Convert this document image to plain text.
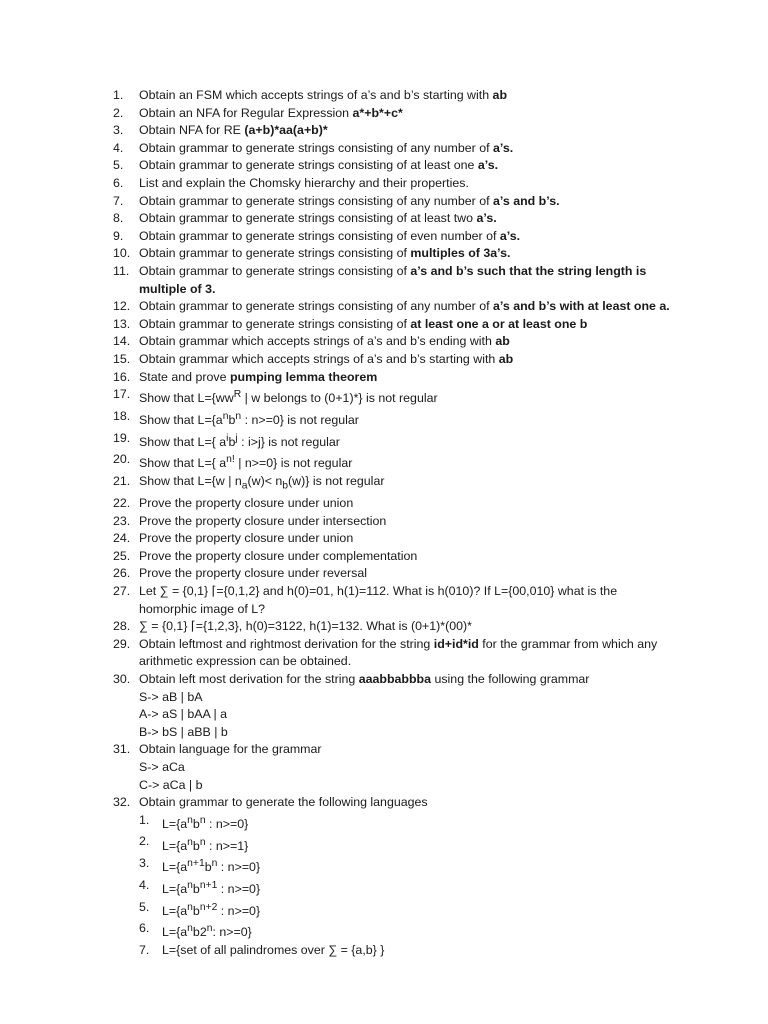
1.	Obtain an FSM which accepts strings of a’s and b’s starting with ab
2.	Obtain an NFA for Regular Expression a*+b*+c*
3.	Obtain NFA for RE (a+b)*aa(a+b)*
4.	Obtain grammar to generate strings consisting of any number of a’s.
5.	Obtain grammar to generate strings consisting of at least one a’s.
6.	List and explain the Chomsky hierarchy and their properties.
7.	Obtain grammar to generate strings consisting of any number of a’s and b’s.
8.	Obtain grammar to generate strings consisting of at least two a’s.
9.	Obtain grammar to generate strings consisting of even number of a’s.
10. Obtain grammar to generate strings consisting of multiples of 3a’s.
11. Obtain grammar to generate strings consisting of a’s and b’s such that the string length is multiple of 3.
12. Obtain grammar to generate strings consisting of any number of a’s and b’s with at least one a.
13. Obtain grammar to generate strings consisting of at least one a or at least one b
14. Obtain grammar which accepts strings of a’s and b’s ending with ab
15. Obtain grammar which accepts strings of a’s and b’s starting with ab
16. State and prove pumping lemma theorem
17. Show that $L=\{ww^R$ | w belongs to (0+1)*} is not regular
18. Show that $L=\{a^nb^n$ : n>=0} is not regular
19. Show that L={ $a^ib^j$ : i>j} is not regular
20. Show that L={ $a^{n!}$ | n>=0} is not regular
21. Show that L={w | $n_a(w)< n_b(w)$} is not regular
22. Prove the property closure under union
23. Prove the property closure under intersection
24. Prove the property closure under union
25. Prove the property closure under complementation
26. Prove the property closure under reversal
27. Let ∑ = {0,1} ⌈={0,1,2} and h(0)=01, h(1)=112. What is h(010)? If L={00,010} what is the homorphic image of L?
28. ∑ = {0,1} ⌈={1,2,3}, h(0)=3122, h(1)=132. What is (0+1)*(00)*
29. Obtain leftmost and rightmost derivation for the string id+id*id for the grammar from which any arithmetic expression can be obtained.
30. Obtain left most derivation for the string aaabbabbba using the following grammar
S-> aB | bA
A-> aS | bAA | a
B-> bS | aBB | b
31. Obtain language for the grammar
S-> aCa
C-> aCa | b
32. Obtain grammar to generate the following languages
1.	$L=\{a^nb^n$ : n>=0}
2.	$L=\{a^nb^n$ : n>=1}
3.	$L=\{a^{n+1}b^n$ : n>=0}
4.	$L=\{a^nb^{n+1}$ : n>=0}
5.	$L=\{a^nb^{n+2}$ : n>=0}
6.	$L=\{a^nb2^n$: n>=0}
7.	L={set of all palindromes over ∑ = {a,b} }
